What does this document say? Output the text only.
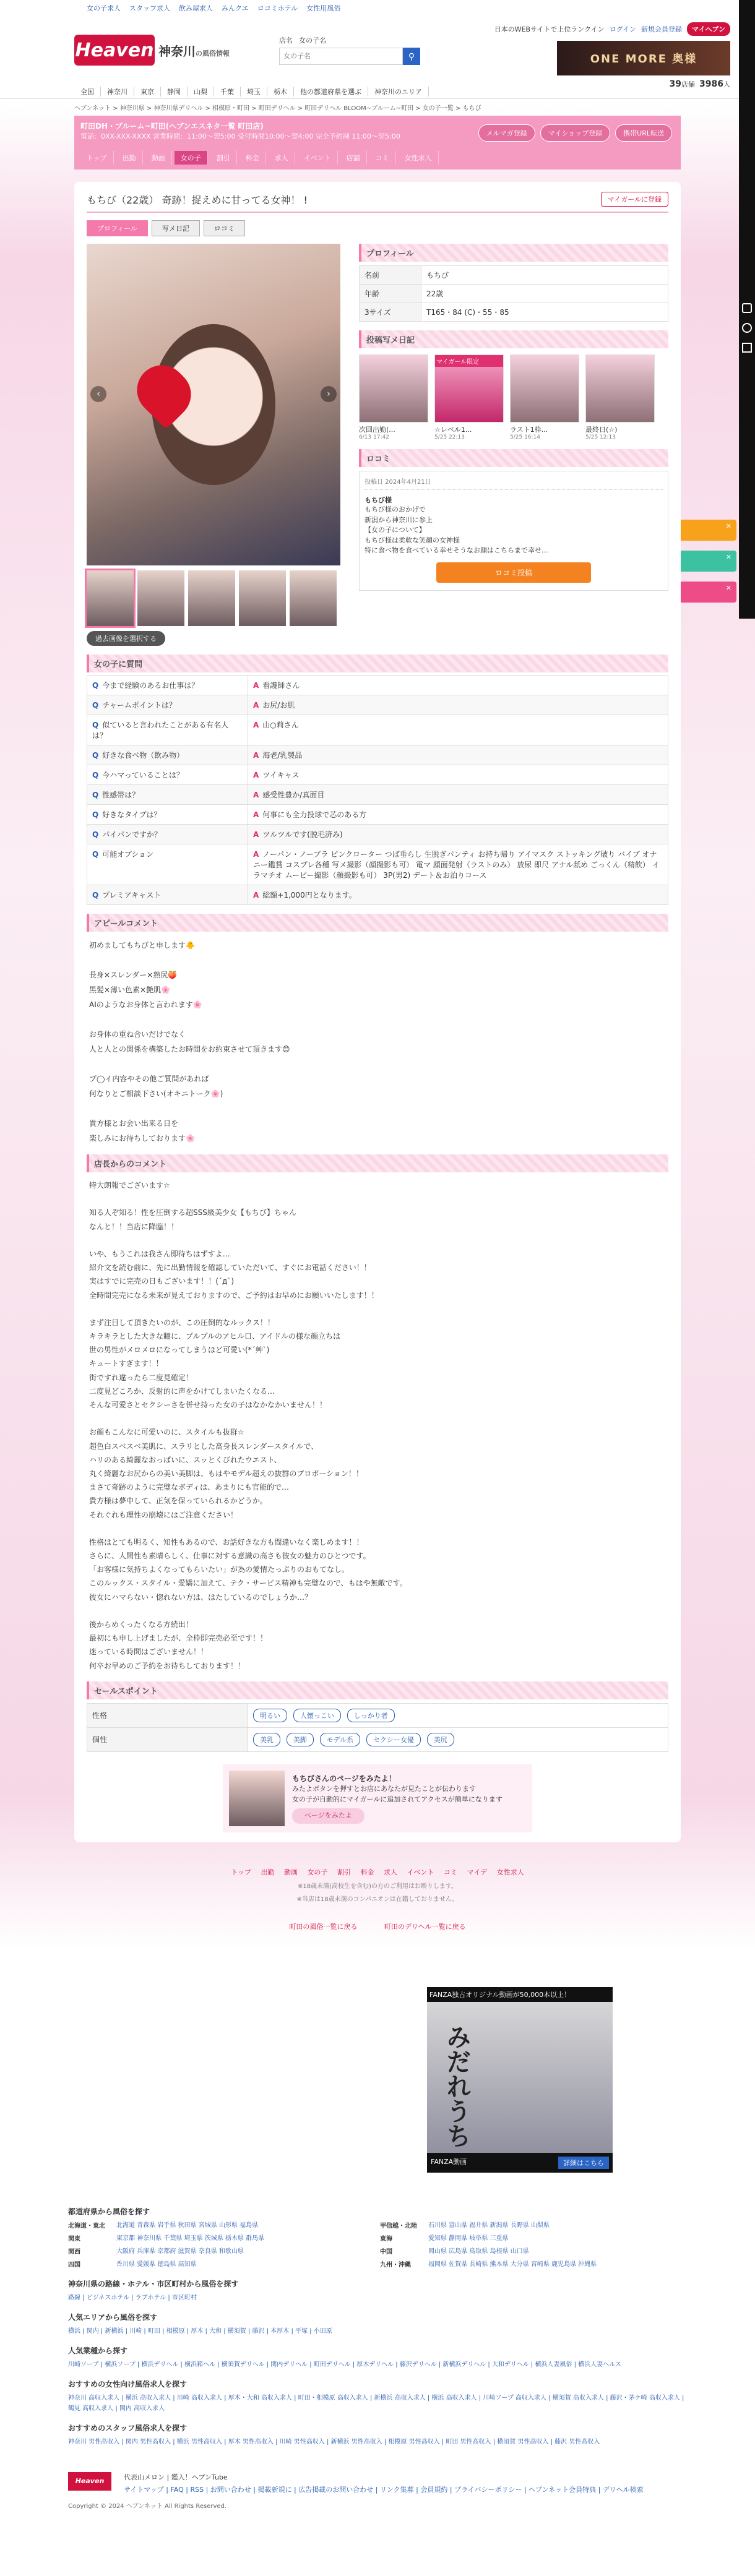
女の子求人 スタッフ求人 飲み屋求人 みんクエ ロコミホテル 女性用風俗
Heaven 神奈川の風俗情報
店名 女の子名
女の子名
⚲
日本のWEBサイトで上位ランクイン ログイン 新規会員登録	マイヘブン
ONE MORE 奥様
全国	神奈川	東京	静岡	山梨	千葉	埼玉	栃木	他の都道府県を選ぶ	神奈川のエリア
39店舗 3986人
ヘブンネット > 神奈川県 > 神奈川県デリヘル > 相模原・町田 > 町田デリヘル > 町田デリヘル BLOOM~ブルーム~町田 > 女の子一覧 > もちび
町田DH・ブルーム~町田(ヘブンエスネタ一覧 町田店)
電話：0XX-XXX-XXXX 営業時間：11:00～翌5:00 受付時間10:00～翌4:00 完全予約制 11:00～翌5:00	メルマガ登録	マイショップ登録	携帯URL転送
トップ	出勤	動画	女の子	割引	料金	求人	イベント	店舗	コミ	女性求人
✕
✕
✕
もちび（22歳） 奇跡！捉えめに甘ってる女神！ !	マイガールに登録
プロフィール	写メ日記	ロコミ
‹	›
過去画像を選択する
プロフィール
名前	もちび
年齢	22歳
3サイズ	T165・84 (C)・55・85
投稿写メ日記
次回出勤(...
6/13 17:42
マイガール限定
☆レベル1...
5/25 22:13
ラスト1枠...
5/25 16:14
最終日(☆)
5/25 12:13
ロコミ
投稿日 2024年4月21日
もちび様

もちび様のおかげで
新潟から神奈川に参上
【女の子について】
もちび様は柔軟な笑顔の女神様
特に食べ物を食べている幸せそうなお顔はこちらまで幸せ...

ロコミ投稿
女の子に質問
Q 今まで経験のあるお仕事は？	A 看護師さん
Q チャームポイントは？	A お尻/お肌
Q 似ていると言われたことがある有名人は？	A 山○莉さん
Q 好きな食べ物（飲み物）	A 海老/乳製品
Q 今ハマっていることは？	A ツイキャス
Q 性感帯は？	A 感受性豊か/真面目
Q 好きなタイプは？	A 何事にも全力投球で芯のある方
Q パイパンですか？	A ツルツルです(脱毛済み)
Q 可能オプション	A ノーパン・ノーブラ ピンクローター つば垂らし 生脱ぎパンティ お持ち帰り アイマスク ストッキング破り バイブ オナニー鑑賞 コスプレ各種 写メ撮影（顔撮影も可） 電マ 顔面発射（ラストのみ） 放尿 即尺 アナル舐め ごっくん（精飲） イラマチオ ムービー撮影（顔撮影も可） 3P(男2) デート＆お泊りコース
Q プレミアキャスト	A 総額+1,000円となります。
アピールコメント
初めましてもちびと申します🐥

長身×スレンダー×熟尻🍑
黒髪×薄い色素×艶肌🌸
AIのようなお身体と言われます🌸

お身体の重ね合いだけでなく
人と人との関係を構築したお時間をお約束させて頂きます😊

プ◯イ内容やその他ご質問があれば
何なりとご相談下さい(オキニトーク🌸)

貴方様とお会い出来る日を
楽しみにお待ちしております🌸
店長からのコメント
特大朗報でございます☆

知る人ぞ知る！性を圧倒する超SSS級美少女【もちび】ちゃん
なんと！！当店に降臨！！

いや、もうこれは我さん即待ちはずすよ…
紹介文を読む前に、先に出勤情報を確認していただいて、すぐにお電話ください！！
実はすでに完売の日もございます！！(´д`)
全時間完売になる未来が見えておりますので、ご予約はお早めにお願いいたします！！

まず注目して頂きたいのが、この圧倒的なルックス！！
キラキラとした大きな瞳に、プルプルのアヒル口、アイドルの様な顔立ちは
世の男性がメロメロになってしまうほど可愛い(*´艸`)
キュートすぎます！！
街ですれ違ったら二度見確定！
二度見どころか、反射的に声をかけてしまいたくなる…
そんな可愛さとセクシーさを併せ持った女の子はなかなかいません！！

お顔もこんなに可愛いのに、スタイルも抜群☆
超色白スベスベ美肌に、スラリとした高身長スレンダースタイルで、
ハリのある綺麗なおっぱいに、スッとくびれたウエスト、
丸く綺麗なお尻からの美い美脚は、もはやモデル超えの抜群のプロポーション！！
まさて奇跡のように完璧なボディは、あまりにも官能的で…
貴方様は夢中して、正気を保っていられるかどうか。
それぐれも理性の崩壊にはご注意ください！

性格はとても明るく、知性もあるので、お話好きな方も間違いなく楽しめます！！
さらに、人間性も素晴らしく、仕事に対する意識の高さも彼女の魅力のひとつです。
「お客様に気持ちよくなってもらいたい」が為の愛情たっぷりのおもてなし。
このルックス・スタイル・愛嬌に加えて、テク・サービス精神も完璧なので、もはや無敵です。
彼女にハマらない・惚れない方は、はたしているのでしょうか…？

後からめくったくなる方続出！
最初にも申し上げましたが、全枠即完売必至です！！
迷っている時間はございません！！
何卒お早めのご予約をお待ちしております！！
セールスポイント
性格	明るい 人懐っこい しっかり者
個性	美乳 美脚 モデル系 セクシー女優 美尻
もちびさんのページをみたよ！
みたよボタンを押すとお店にあなたが見たことが伝わります
女の子が自動的にマイガールに追加されてアクセスが簡単になります
ページをみたよ
トップ 出勤 動画 女の子 割引 料金 求人 イベント コミ マイデ 女性求人
※18歳未満(高校生を含む)の方のご利用はお断りします。
※当店は18歳未満のコンパニオンは在籍しておりません。
町田の風俗一覧に戻る	町田のデリヘル一覧に戻る
FANZA独占オリジナル動画が50,000本以上！
みだれうち
FANZA動画	詳細はこちら
都道府県から風俗を探す
北海道・東北	北海道 青森県 岩手県 秋田県 宮城県 山形県 福島県	甲信越・北陸	石川県 富山県 福井県 新潟県 長野県 山梨県
関東	東京都 神奈川県 千葉県 埼玉県 茨城県 栃木県 群馬県	東海	愛知県 静岡県 岐阜県 三重県
関西	大阪府 兵庫県 京都府 滋賀県 奈良県 和歌山県	中国	岡山県 広島県 鳥取県 島根県 山口県
四国	香川県 愛媛県 徳島県 高知県	九州・沖縄	福岡県 佐賀県 長崎県 熊本県 大分県 宮崎県 鹿児島県 沖縄県
神奈川県の路線・ホテル・市区町村から風俗を探す
路線 | ビジネスホテル | ラブホテル | 市区町村
人気エリアから風俗を探す
横浜 | 関内 | 新横浜 | 川崎 | 町田 | 相模原 | 厚木 | 大和 | 横須賀 | 藤沢 | 本厚木 | 平塚 | 小田原
人気業種から探す
川崎ソープ | 横浜ソープ | 横浜デリヘル | 横浜箱ヘル | 横須賀デリヘル | 関内デリヘル | 町田デリヘル | 厚木デリヘル | 藤沢デリヘル | 新横浜デリヘル | 大和デリヘル | 横浜人妻風俗 | 横浜人妻ヘルス
おすすめの女性向け風俗求人を探す
神奈川 高収入求人 | 横浜 高収入求人 | 川崎 高収入求人 | 厚木・大和 高収入求人 | 町田・相模原 高収入求人 | 新横浜 高収入求人 | 横浜 高収入求人 | 川崎ソープ 高収入求人 | 横須賀 高収入求人 | 藤沢・茅ケ崎 高収入求人 | 鶴見 高収入求人 | 関内 高収入求人
おすすめのスタッフ風俗求人を探す
神奈川 男性高収入 | 関内 男性高収入 | 横浜 男性高収入 | 厚木 男性高収入 | 川崎 男性高収入 | 新横浜 男性高収入 | 相模原 男性高収入 | 町田 男性高収入 | 横須賀 男性高収入 | 藤沢 男性高収入
Heaven	代表山メロン | 鑑入！ヘブンTube
サイトマップ | FAQ | RSS | お問い合わせ | 掲載新規に | 広告掲載のお問い合わせ | リンク集募 | 会員規約 | プライバシーポリシー | ヘブンネット会員特典 | デリヘル検索
Copyright © 2024 ヘブンネット All Rights Reserved.
